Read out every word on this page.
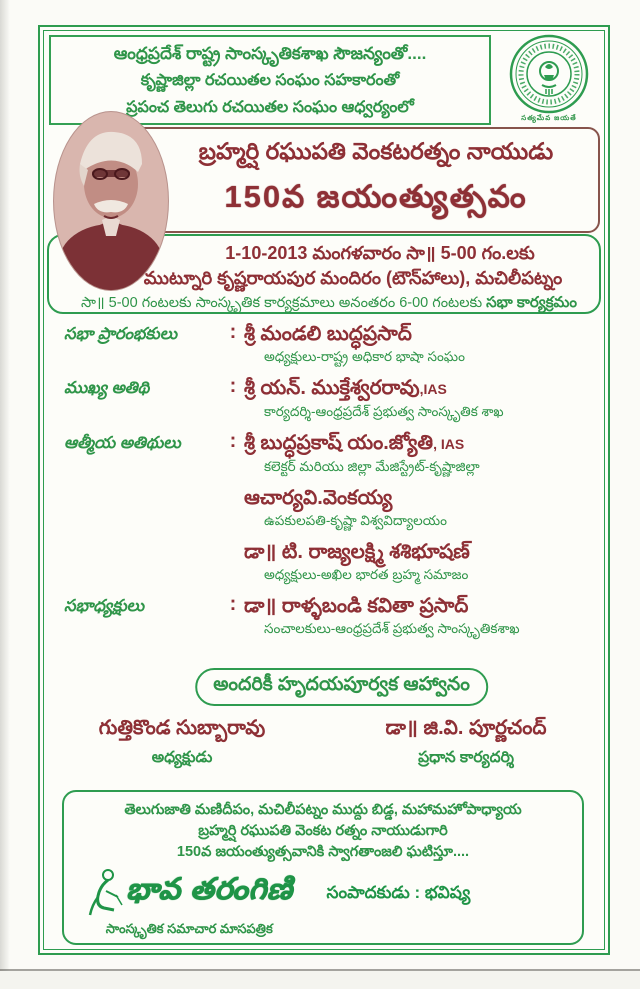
ఆంధ్రప్రదేశ్ రాష్ట్ర సాంస్కృతికశాఖ సౌజన్యంతో....
కృష్ణాజిల్లా రచయితల సంఘం సహకారంతో
ప్రపంచ తెలుగు రచయితల సంఘం ఆధ్వర్యంలో
సత్యమేవ జయతే
బ్రహ్మర్షి రఘుపతి వెంకటరత్నం నాయుడు
150వ జయంత్యుత్సవం
1-10-2013 మంగళవారం సా॥ 5-00 గం.లకు
ముట్నూరి కృష్ణరాయపుర మందిరం (టౌన్‌హాలు), మచిలీపట్నం
సా॥ 5-00 గంటలకు సాంస్కృతిక కార్యక్రమాలు అనంతరం 6-00 గంటలకు సభా కార్యక్రమం
సభా ప్రారంభకులు	: శ్రీ మండలి బుద్ధప్రసాద్
అధ్యక్షులు-రాష్ట్ర అధికార భాషా సంఘం
ముఖ్య అతిథి	: శ్రీ యన్. ముక్తేశ్వరరావు,IAS
కార్యదర్శి-ఆంధ్రప్రదేశ్ ప్రభుత్వ సాంస్కృతిక శాఖ
ఆత్మీయ అతిథులు	: శ్రీ బుద్ధప్రకాష్ యం.జ్యోతి, IAS
కలెక్టర్ మరియు జిల్లా మేజిస్ట్రేట్-కృష్ణాజిల్లా
ఆచార్యవి.వెంకయ్య
ఉపకులపతి-కృష్ణా విశ్వవిద్యాలయం
డా॥ టి. రాజ్యలక్ష్మి శశిభూషణ్
అధ్యక్షులు-అఖిల భారత బ్రహ్మ సమాజం
సభాధ్యక్షులు	: డా॥ రాళ్ళబండి కవితా ప్రసాద్
సంచాలకులు-ఆంధ్రప్రదేశ్ ప్రభుత్వ సాంస్కృతికశాఖ
అందరికీ హృదయపూర్వక ఆహ్వానం
గుత్తికొండ సుబ్బారావు
అధ్యక్షుడు
డా॥ జి.వి. పూర్ణచంద్
ప్రధాన కార్యదర్శి
తెలుగుజాతి మణిదీపం, మచిలీపట్నం ముద్దు బిడ్డ, మహామహోపాధ్యాయ
బ్రహ్మర్షి రఘుపతి వెంకట రత్నం నాయుడుగారి
150వ జయంత్యుత్సవానికి స్వాగతాంజలి ఘటిస్తూ....
భావ తరంగిణి
సాంస్కృతిక సమాచార మాసపత్రిక
సంపాదకుడు : భవిష్య
